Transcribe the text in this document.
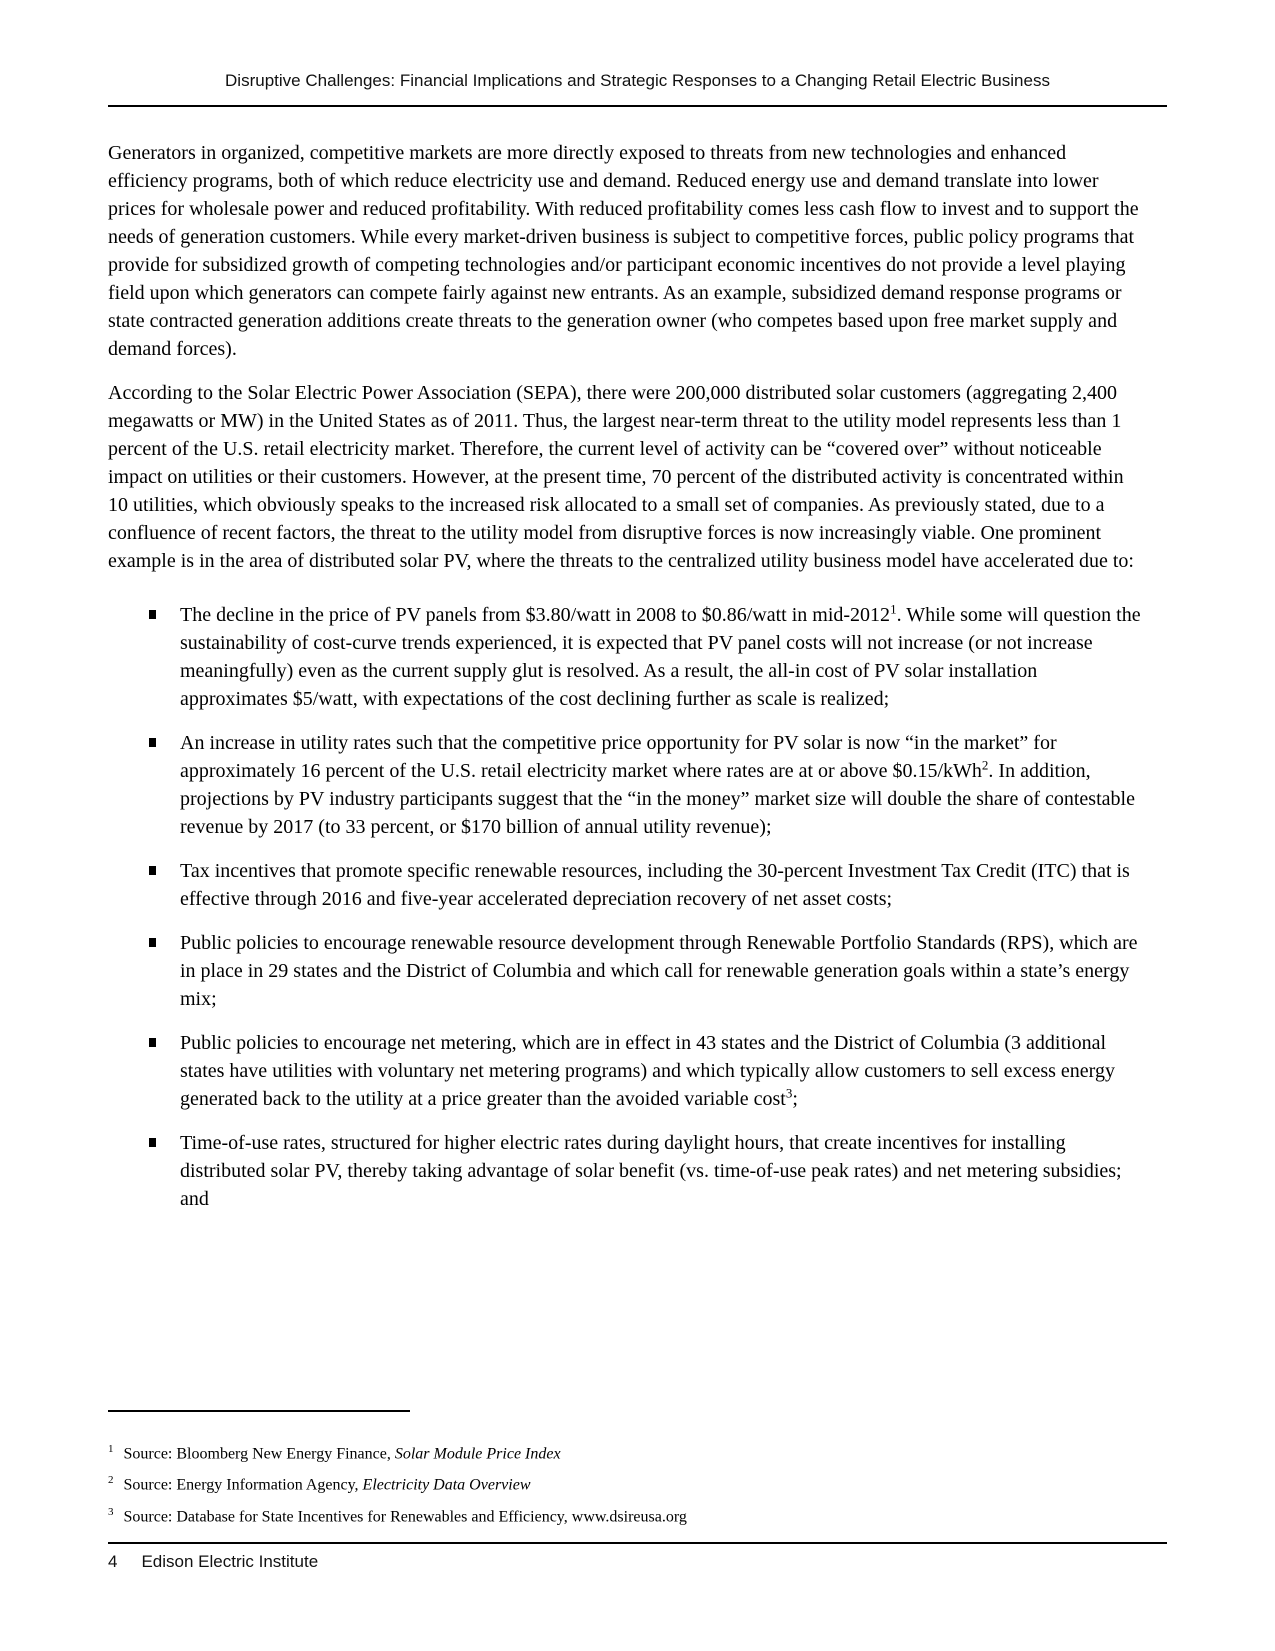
Disruptive Challenges: Financial Implications and Strategic Responses to a Changing Retail Electric Business

Generators in organized, competitive markets are more directly exposed to threats from new technologies and enhanced efficiency programs, both of which reduce electricity use and demand. Reduced energy use and demand translate into lower prices for wholesale power and reduced profitability. With reduced profitability comes less cash flow to invest and to support the needs of generation customers. While every market-driven business is subject to competitive forces, public policy programs that provide for subsidized growth of competing technologies and/or participant economic incentives do not provide a level playing field upon which generators can compete fairly against new entrants. As an example, subsidized demand response programs or state contracted generation additions create threats to the generation owner (who competes based upon free market supply and demand forces).

According to the Solar Electric Power Association (SEPA), there were 200,000 distributed solar customers (aggregating 2,400 megawatts or MW) in the United States as of 2011. Thus, the largest near-term threat to the utility model represents less than 1 percent of the U.S. retail electricity market. Therefore, the current level of activity can be “covered over” without noticeable impact on utilities or their customers. However, at the present time, 70 percent of the distributed activity is concentrated within 10 utilities, which obviously speaks to the increased risk allocated to a small set of companies. As previously stated, due to a confluence of recent factors, the threat to the utility model from disruptive forces is now increasingly viable. One prominent example is in the area of distributed solar PV, where the threats to the centralized utility business model have accelerated due to:

The decline in the price of PV panels from $3.80/watt in 2008 to $0.86/watt in mid-2012$^1$. While some will question the sustainability of cost-curve trends experienced, it is expected that PV panel costs will not increase (or not increase meaningfully) even as the current supply glut is resolved. As a result, the all-in cost of PV solar installation approximates $5/watt, with expectations of the cost declining further as scale is realized;
An increase in utility rates such that the competitive price opportunity for PV solar is now “in the market” for approximately 16 percent of the U.S. retail electricity market where rates are at or above $0.15/kWh$^2$. In addition, projections by PV industry participants suggest that the “in the money” market size will double the share of contestable revenue by 2017 (to 33 percent, or $170 billion of annual utility revenue);
Tax incentives that promote specific renewable resources, including the 30-percent Investment Tax Credit (ITC) that is effective through 2016 and five-year accelerated depreciation recovery of net asset costs;
Public policies to encourage renewable resource development through Renewable Portfolio Standards (RPS), which are in place in 29 states and the District of Columbia and which call for renewable generation goals within a state’s energy mix;
Public policies to encourage net metering, which are in effect in 43 states and the District of Columbia (3 additional states have utilities with voluntary net metering programs) and which typically allow customers to sell excess energy generated back to the utility at a price greater than the avoided variable cost$^3$;
Time-of-use rates, structured for higher electric rates during daylight hours, that create incentives for installing distributed solar PV, thereby taking advantage of solar benefit (vs. time-of-use peak rates) and net metering subsidies; and
$^1$ Source: Bloomberg New Energy Finance, Solar Module Price Index
$^2$ Source: Energy Information Agency, Electricity Data Overview
$^3$ Source: Database for State Incentives for Renewables and Efficiency, www.dsireusa.org
4 Edison Electric Institute
